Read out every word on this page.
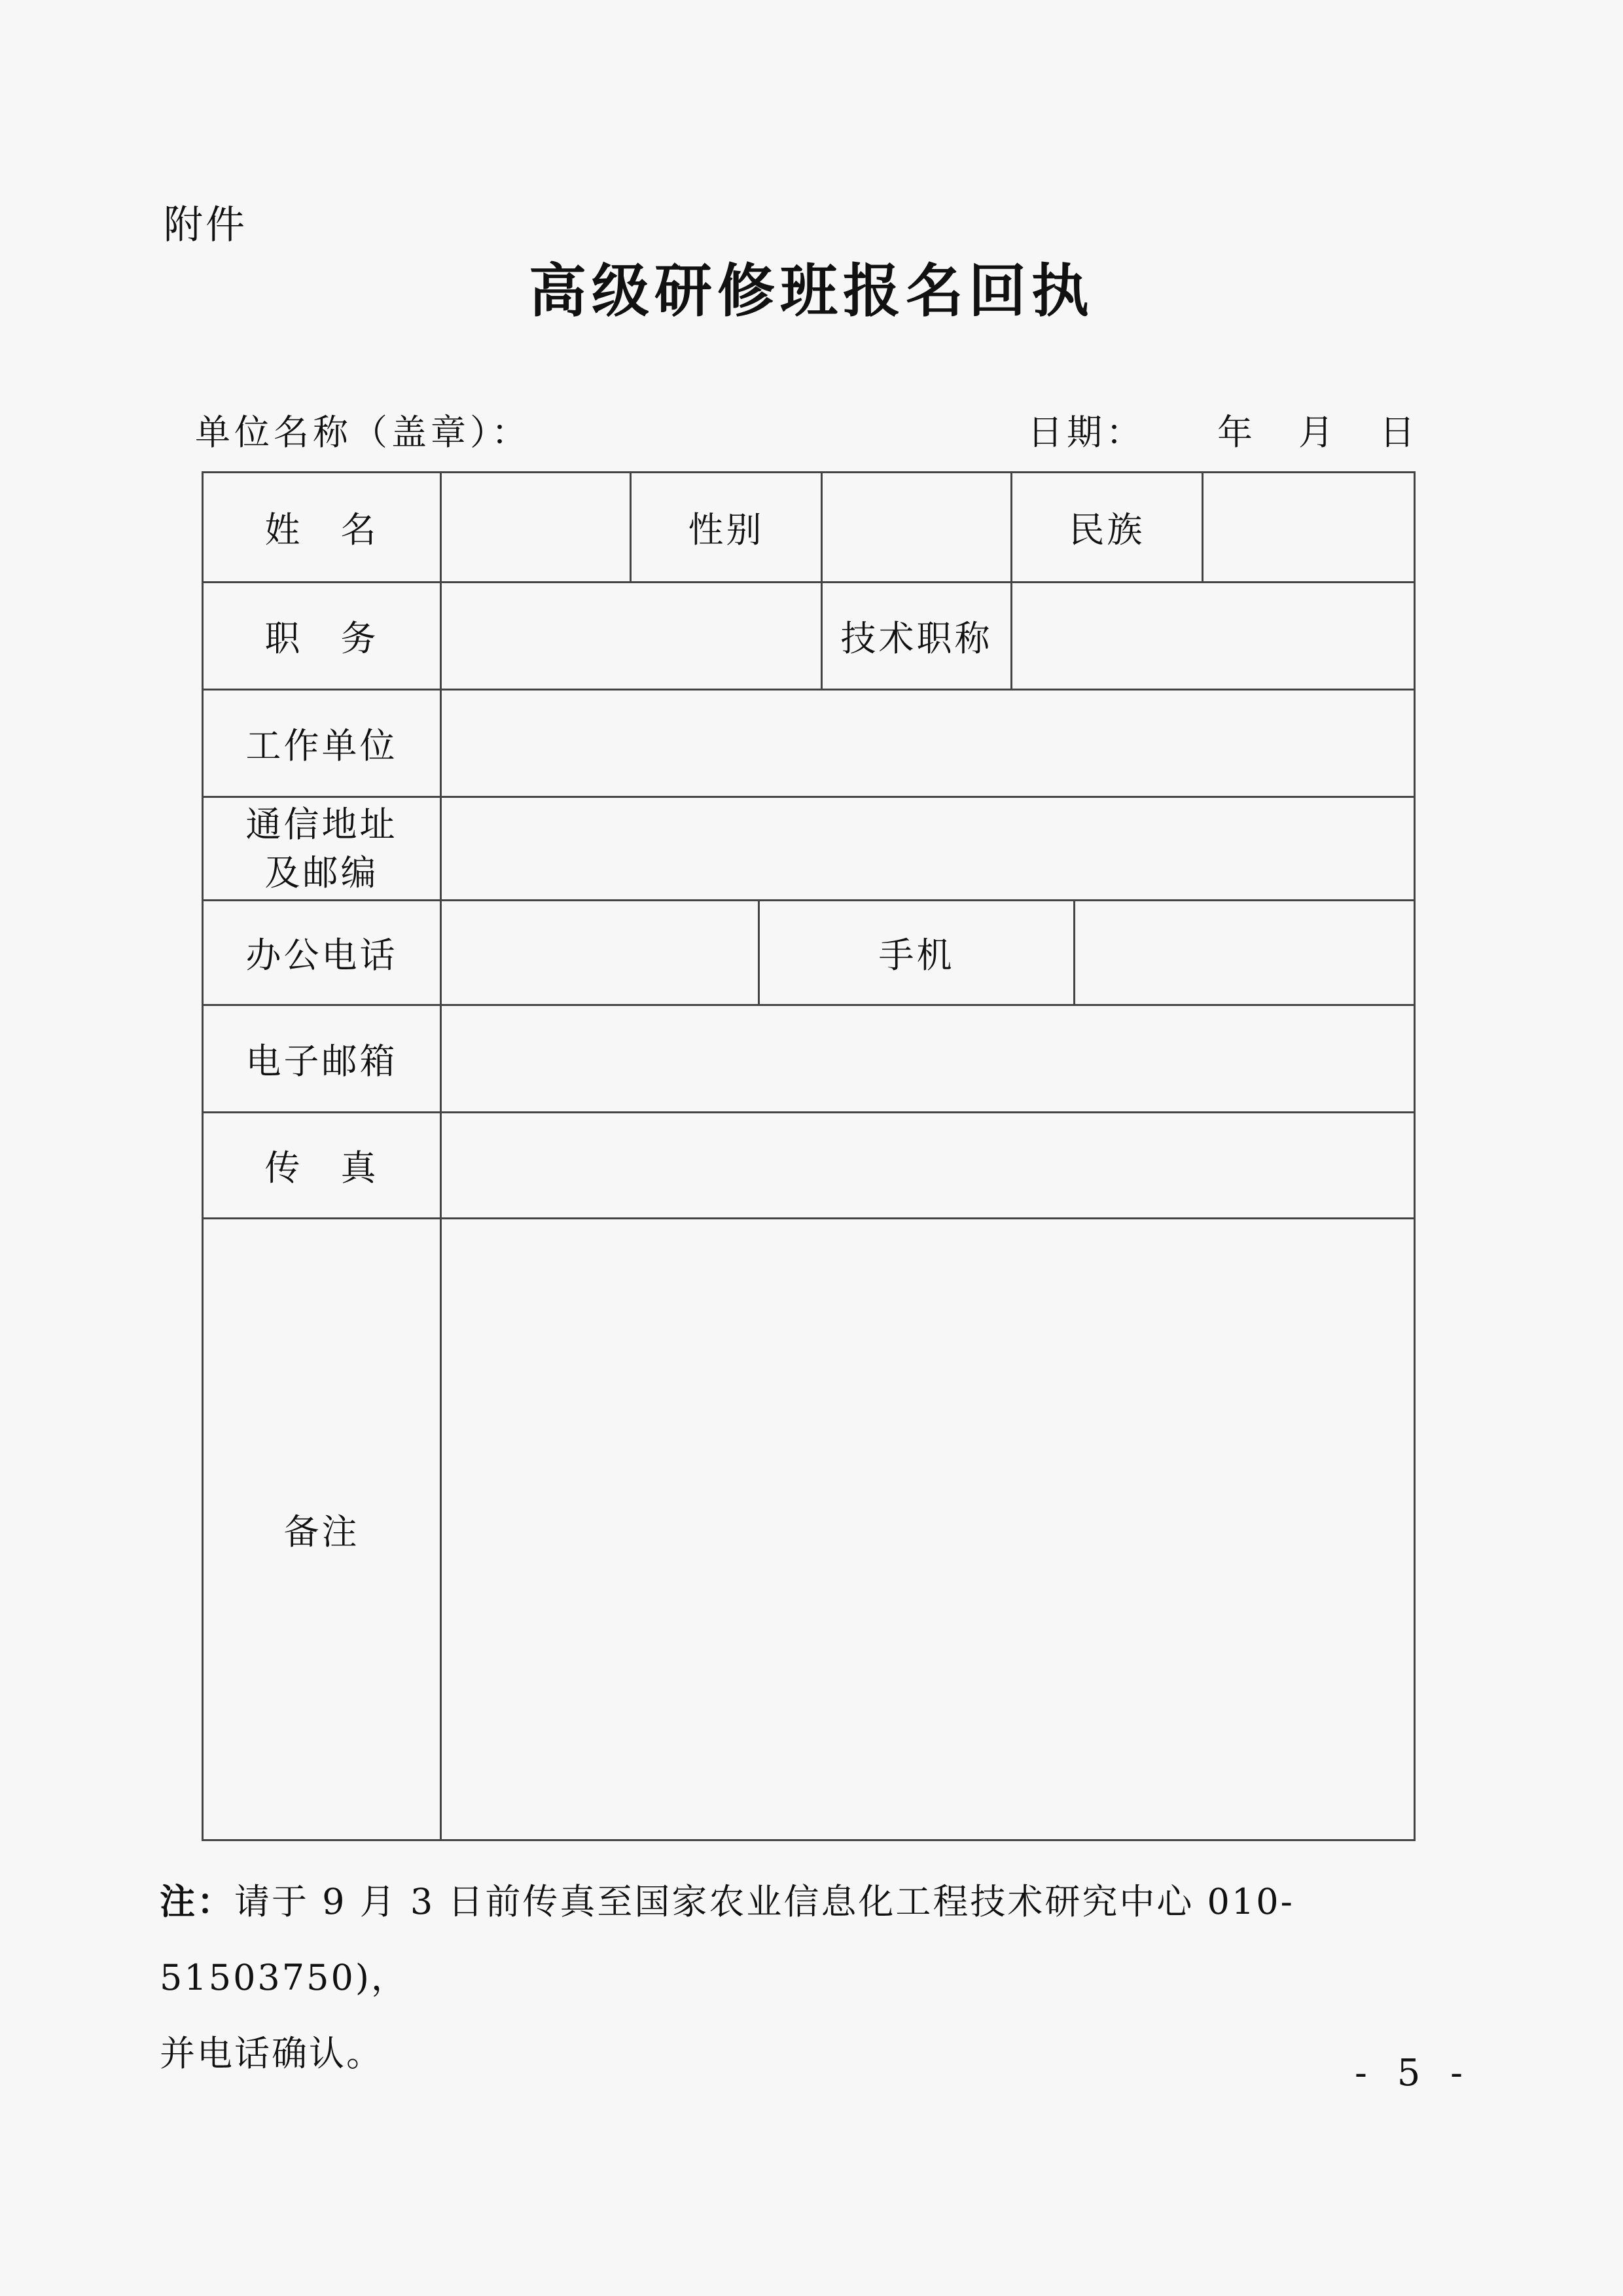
附件
高级研修班报名回执
单位名称（盖章）：	日期： 年 月 日
姓　名		性别			民族		
职　务				技术职称			
工作单位							

通信地址
及邮编							

办公电话			手机				
电子邮箱							
传　真							
备注							
注：请于 9 月 3 日前传真至国家农业信息化工程技术研究中心 010-51503750)，
并电话确认。	- 5 -
